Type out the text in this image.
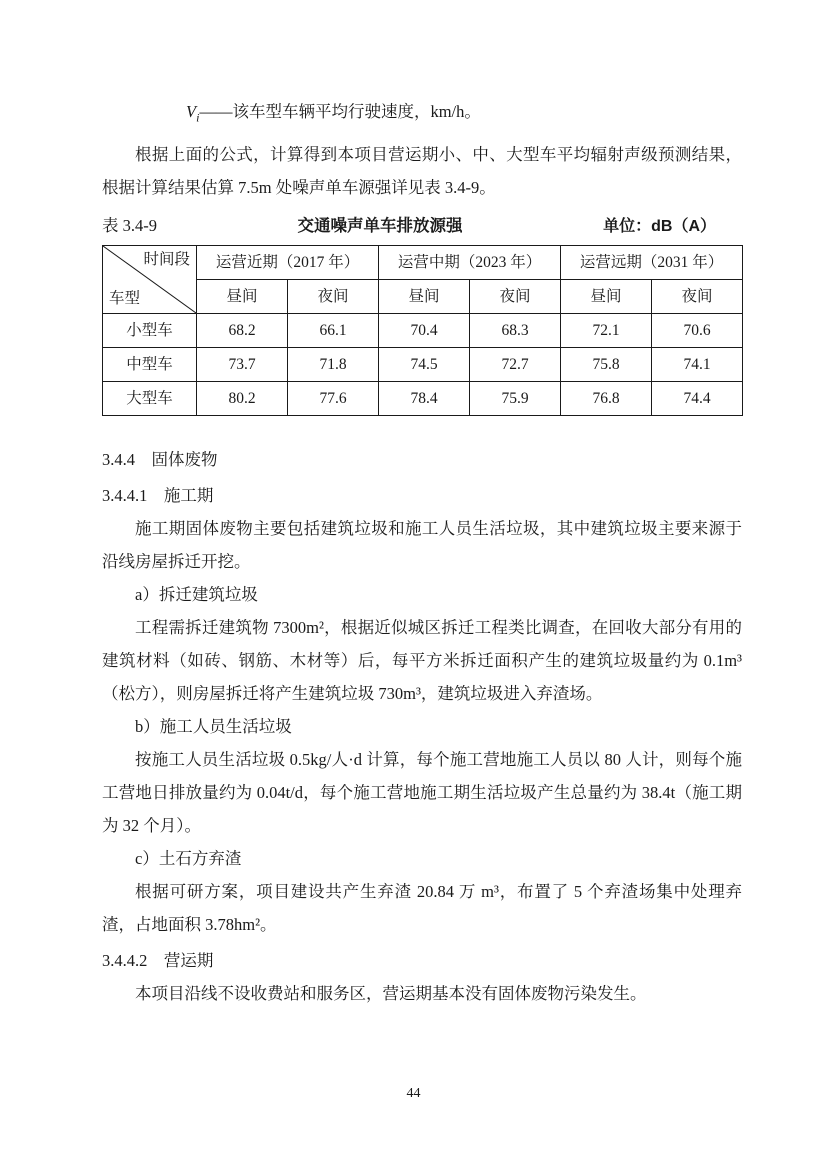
$V_i——$该车型车辆平均行驶速度，km/h。

根据上面的公式，计算得到本项目营运期小、中、大型车平均辐射声级预测结果，根据计算结果估算 7.5m 处噪声单车源强详见表 3.4-9。

表 3.4-9	交通噪声单车排放源强	单位：dB（A）
时间段
车型	运营近期（2017 年）		运营中期（2023 年）		运营远期（2031 年）	
	昼间	夜间	昼间	夜间	昼间	夜间
小型车	68.2	66.1	70.4	68.3	72.1	70.6
中型车	73.7	71.8	74.5	72.7	75.8	74.1
大型车	80.2	77.6	78.4	75.9	76.8	74.4
3.4.4　固体废物
3.4.4.1　施工期

施工期固体废物主要包括建筑垃圾和施工人员生活垃圾，其中建筑垃圾主要来源于沿线房屋拆迁开挖。

a）拆迁建筑垃圾

工程需拆迁建筑物 7300m²，根据近似城区拆迁工程类比调查，在回收大部分有用的建筑材料（如砖、钢筋、木材等）后，每平方米拆迁面积产生的建筑垃圾量约为 0.1m³（松方），则房屋拆迁将产生建筑垃圾 730m³，建筑垃圾进入弃渣场。

b）施工人员生活垃圾

按施工人员生活垃圾 0.5kg/人·d 计算，每个施工营地施工人员以 80 人计，则每个施工营地日排放量约为 0.04t/d，每个施工营地施工期生活垃圾产生总量约为 38.4t（施工期为 32 个月）。

c）土石方弃渣

根据可研方案，项目建设共产生弃渣 20.84 万 m³，布置了 5 个弃渣场集中处理弃渣，占地面积 3.78hm²。

3.4.4.2　营运期

本项目沿线不设收费站和服务区，营运期基本没有固体废物污染发生。

44
